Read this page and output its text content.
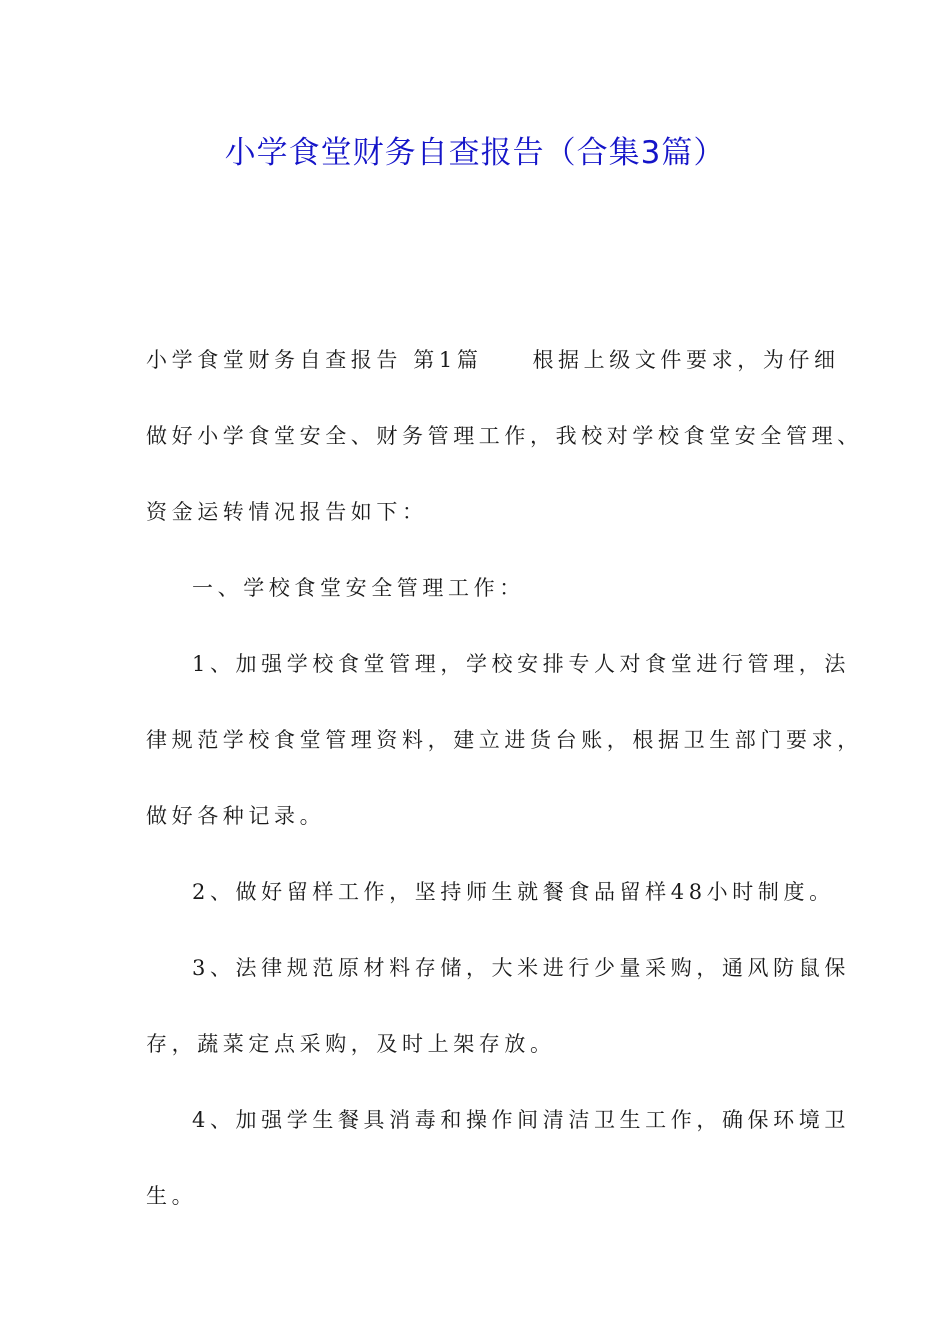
小学食堂财务自查报告（合集3篇）
小学食堂财务自查报告 第1篇 根据上级文件要求，为仔细
做好小学食堂安全、财务管理工作，我校对学校食堂安全管理、
资金运转情况报告如下：
一、学校食堂安全管理工作：
1、加强学校食堂管理，学校安排专人对食堂进行管理，法
律规范学校食堂管理资料，建立进货台账，根据卫生部门要求，
做好各种记录。
2、做好留样工作，坚持师生就餐食品留样48小时制度。
3、法律规范原材料存储，大米进行少量采购，通风防鼠保
存，蔬菜定点采购，及时上架存放。
4、加强学生餐具消毒和操作间清洁卫生工作，确保环境卫
生。
